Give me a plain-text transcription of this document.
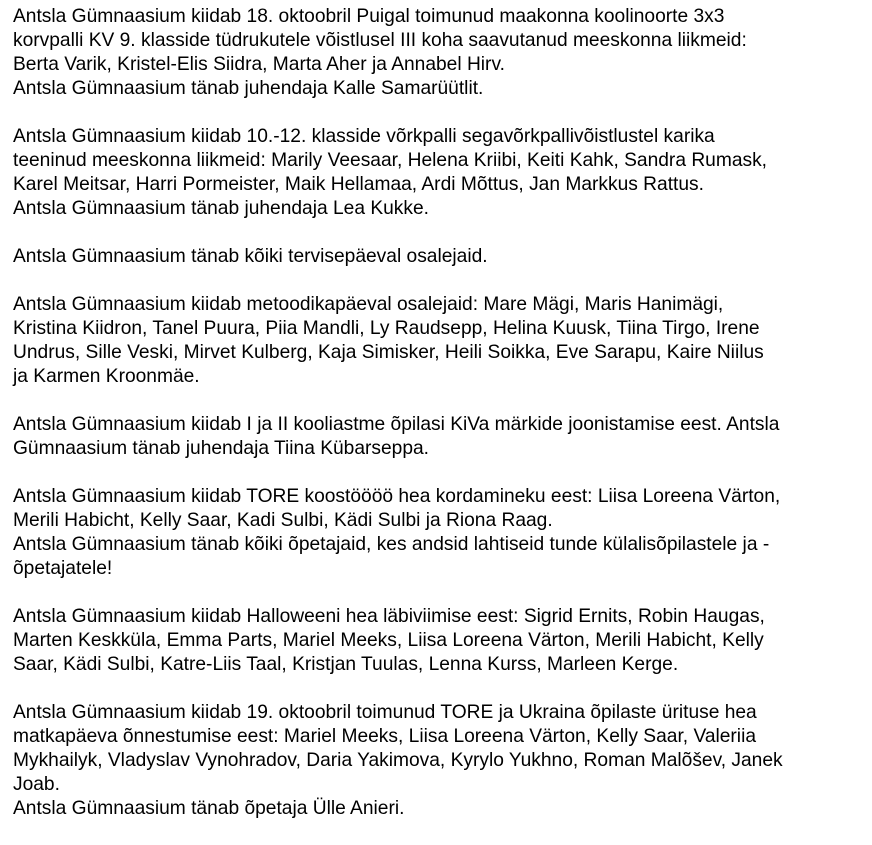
Antsla Gümnaasium kiidab 18. oktoobril Puigal toimunud maakonna koolinoorte 3x3
korvpalli KV 9. klasside tüdrukutele võistlusel III koha saavutanud meeskonna liikmeid:
Berta Varik, Kristel-Elis Siidra, Marta Aher ja Annabel Hirv.
Antsla Gümnaasium tänab juhendaja Kalle Samarüütlit.
Antsla Gümnaasium kiidab 10.-12. klasside võrkpalli segavõrkpallivõistlustel karika
teeninud meeskonna liikmeid: Marily Veesaar, Helena Kriibi, Keiti Kahk, Sandra Rumask,
Karel Meitsar, Harri Pormeister, Maik Hellamaa, Ardi Mõttus, Jan Markkus Rattus.
Antsla Gümnaasium tänab juhendaja Lea Kukke.
Antsla Gümnaasium tänab kõiki tervisepäeval osalejaid.
Antsla Gümnaasium kiidab metoodikapäeval osalejaid: Mare Mägi, Maris Hanimägi,
Kristina Kiidron, Tanel Puura, Piia Mandli, Ly Raudsepp, Helina Kuusk, Tiina Tirgo, Irene
Undrus, Sille Veski, Mirvet Kulberg, Kaja Simisker, Heili Soikka, Eve Sarapu, Kaire Niilus
ja Karmen Kroonmäe.
Antsla Gümnaasium kiidab I ja II kooliastme õpilasi KiVa märkide joonistamise eest. Antsla
Gümnaasium tänab juhendaja Tiina Kübarseppa.
Antsla Gümnaasium kiidab TORE koostöööö hea kordamineku eest: Liisa Loreena Värton,
Merili Habicht, Kelly Saar, Kadi Sulbi, Kädi Sulbi ja Riona Raag.
Antsla Gümnaasium tänab kõiki õpetajaid, kes andsid lahtiseid tunde külalisõpilastele ja -
õpetajatele!
Antsla Gümnaasium kiidab Halloweeni hea läbiviimise eest: Sigrid Ernits, Robin Haugas,
Marten Keskküla, Emma Parts, Mariel Meeks, Liisa Loreena Värton, Merili Habicht, Kelly
Saar, Kädi Sulbi, Katre-Liis Taal, Kristjan Tuulas, Lenna Kurss, Marleen Kerge.
Antsla Gümnaasium kiidab 19. oktoobril toimunud TORE ja Ukraina õpilaste ürituse hea
matkapäeva õnnestumise eest: Mariel Meeks, Liisa Loreena Värton, Kelly Saar, Valeriia
Mykhailyk, Vladyslav Vynohradov, Daria Yakimova, Kyrylo Yukhno, Roman Malõšev, Janek
Joab.
Antsla Gümnaasium tänab õpetaja Ülle Anieri.
